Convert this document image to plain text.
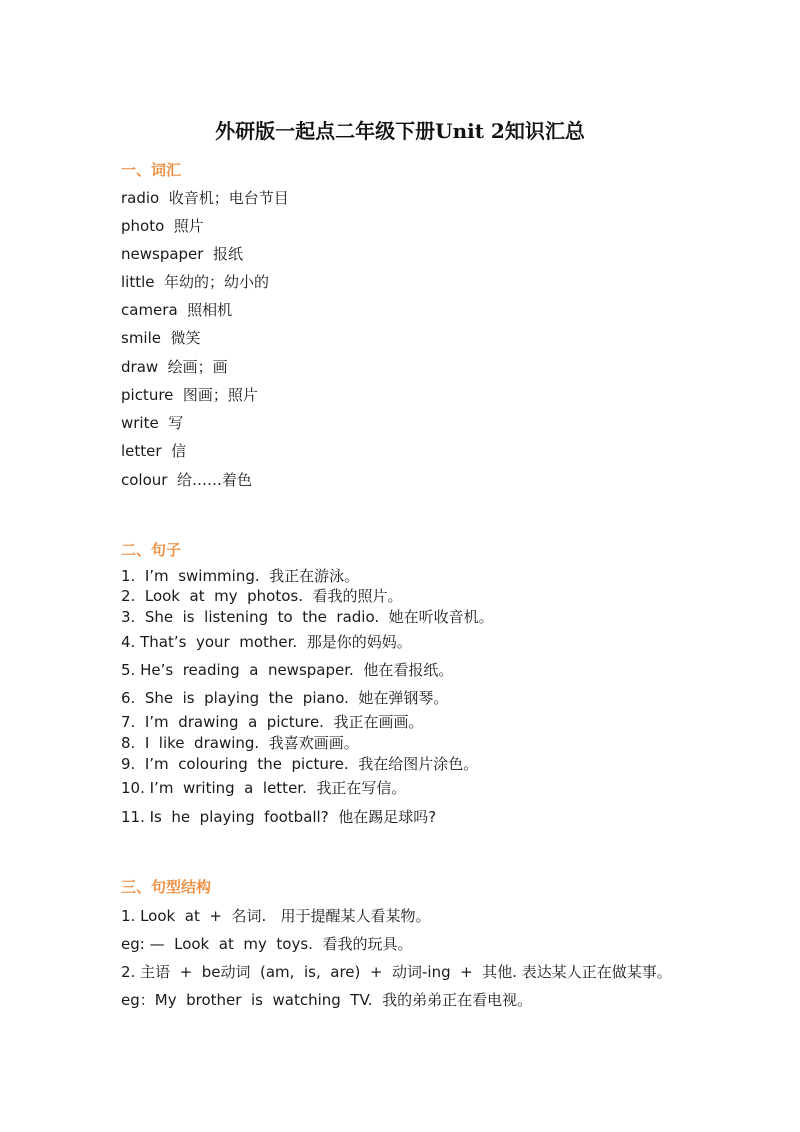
外研版一起点二年级下册Unit 2知识汇总
一、词汇
radio  收音机；电台节目
photo  照片
newspaper  报纸
little  年幼的；幼小的
camera  照相机
smile  微笑
draw  绘画；画
picture  图画；照片
write  写
letter  信
colour  给……着色
二、句子
1.  I’m  swimming.  我正在游泳。
2.  Look  at  my  photos.  看我的照片。
3.  She  is  listening  to  the  radio.  她在听收音机。
4. That’s  your  mother.  那是你的妈妈。
5. He’s  reading  a  newspaper.  他在看报纸。
6.  She  is  playing  the  piano.  她在弹钢琴。
7.  I’m  drawing  a  picture.  我正在画画。
8.  I  like  drawing.  我喜欢画画。
9.  I’m  colouring  the  picture.  我在给图片涂色。
10. I’m  writing  a  letter.  我正在写信。
11. Is  he  playing  football?  他在踢足球吗?
三、句型结构
1. Look  at  +  名词.   用于提醒某人看某物。
eg: —  Look  at  my  toys.  看我的玩具。
2. 主语  +  be动词  (am,  is,  are)  +  动词-ing  +  其他. 表达某人正在做某事。
eg：My  brother  is  watching  TV.  我的弟弟正在看电视。
